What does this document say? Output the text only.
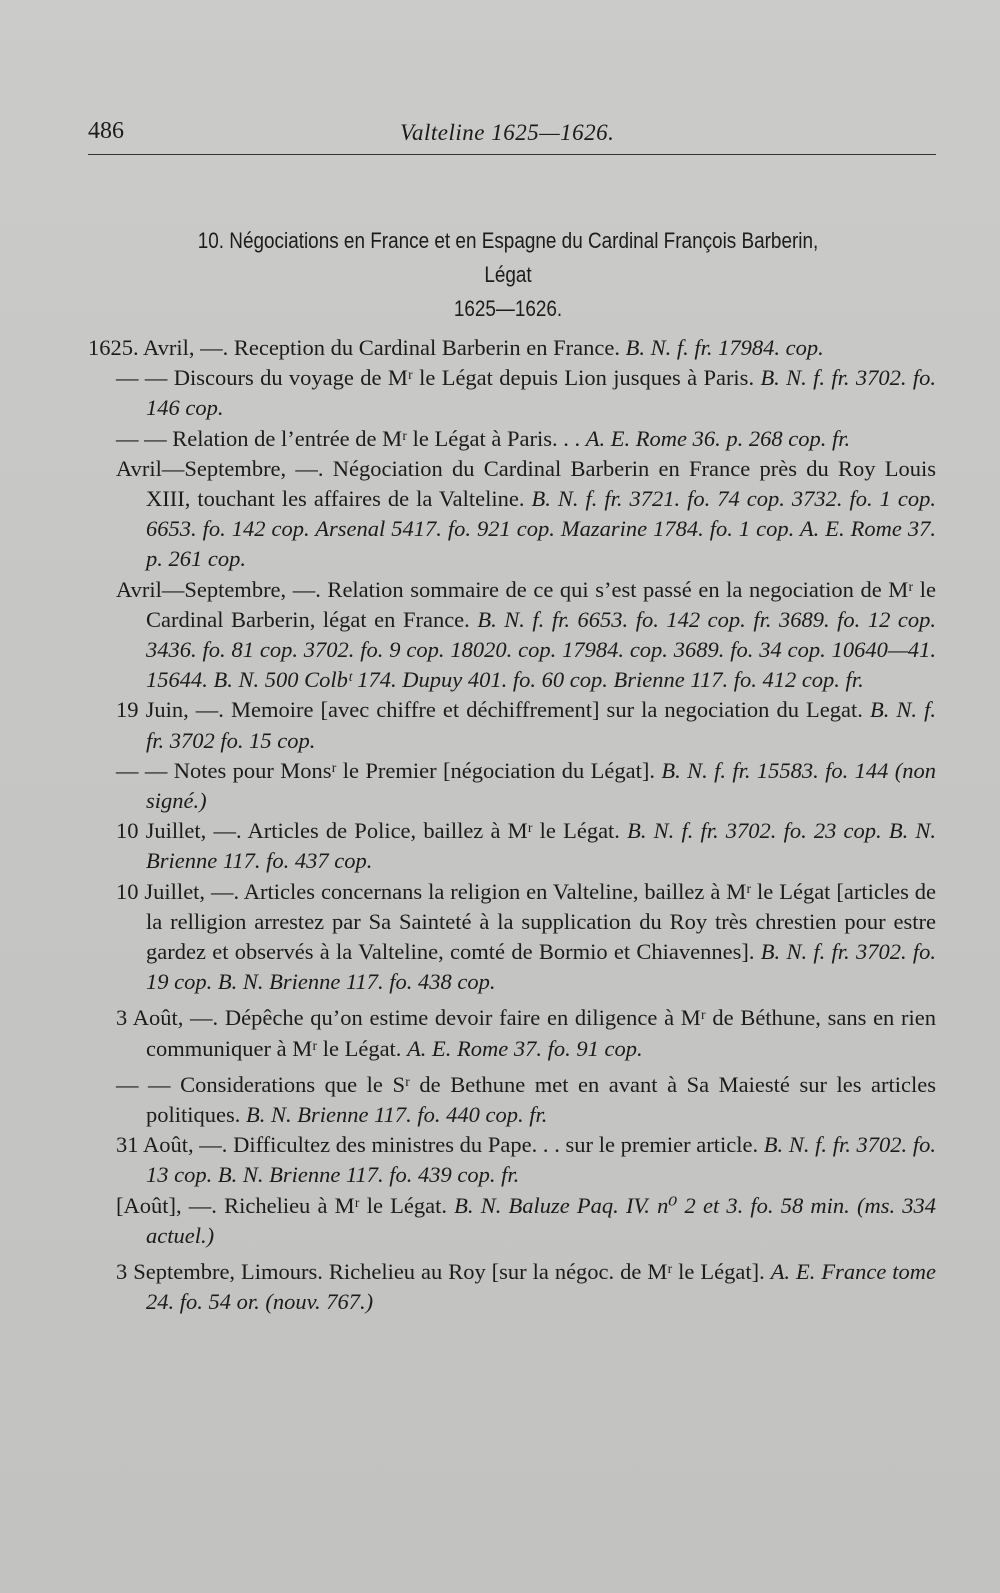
486	Valteline 1625—1626.
10. Négociations en France et en Espagne du Cardinal François Barberin, Légat
1625—1626.

1625. Avril, —. Reception du Cardinal Barberin en France. B. N. f. fr. 17984. cop.

— — Discours du voyage de Mʳ le Légat depuis Lion jusques à Paris. B. N. f. fr. 3702. fo. 146 cop.

— — Relation de l’entrée de Mʳ le Légat à Paris. . . A. E. Rome 36. p. 268 cop. fr.

Avril—Septembre, —. Négociation du Cardinal Barberin en France près du Roy Louis XIII, touchant les affaires de la Valteline. B. N. f. fr. 3721. fo. 74 cop. 3732. fo. 1 cop. 6653. fo. 142 cop. Arsenal 5417. fo. 921 cop. Mazarine 1784. fo. 1 cop. A. E. Rome 37. p. 261 cop.

Avril—Septembre, —. Relation sommaire de ce qui s’est passé en la negociation de Mʳ le Cardinal Barberin, légat en France. B. N. f. fr. 6653. fo. 142 cop. fr. 3689. fo. 12 cop. 3436. fo. 81 cop. 3702. fo. 9 cop. 18020. cop. 17984. cop. 3689. fo. 34 cop. 10640—41. 15644. B. N. 500 Colbᵗ 174. Dupuy 401. fo. 60 cop. Brienne 117. fo. 412 cop. fr.

19 Juin, —. Memoire [avec chiffre et déchiffrement] sur la negociation du Legat. B. N. f. fr. 3702 fo. 15 cop.

— — Notes pour Monsʳ le Premier [négociation du Légat]. B. N. f. fr. 15583. fo. 144 (non signé.)

10 Juillet, —. Articles de Police, baillez à Mʳ le Légat. B. N. f. fr. 3702. fo. 23 cop. B. N. Brienne 117. fo. 437 cop.

10 Juillet, —. Articles concernans la religion en Valteline, baillez à Mʳ le Légat [articles de la relligion arrestez par Sa Sainteté à la supplication du Roy très chrestien pour estre gardez et observés à la Valteline, comté de Bormio et Chiavennes]. B. N. f. fr. 3702. fo. 19 cop. B. N. Brienne 117. fo. 438 cop.

3 Août, —. Dépêche qu’on estime devoir faire en diligence à Mʳ de Béthune, sans en rien communiquer à Mʳ le Légat. A. E. Rome 37. fo. 91 cop.

— — Considerations que le Sʳ de Bethune met en avant à Sa Maiesté sur les articles politiques. B. N. Brienne 117. fo. 440 cop. fr.

31 Août, —. Difficultez des ministres du Pape. . . sur le premier article. B. N. f. fr. 3702. fo. 13 cop. B. N. Brienne 117. fo. 439 cop. fr.

[Août], —. Richelieu à Mʳ le Légat. B. N. Baluze Paq. IV. n⁰ 2 et 3. fo. 58 min. (ms. 334 actuel.)

3 Septembre, Limours. Richelieu au Roy [sur la négoc. de Mʳ le Légat]. A. E. France tome 24. fo. 54 or. (nouv. 767.)
